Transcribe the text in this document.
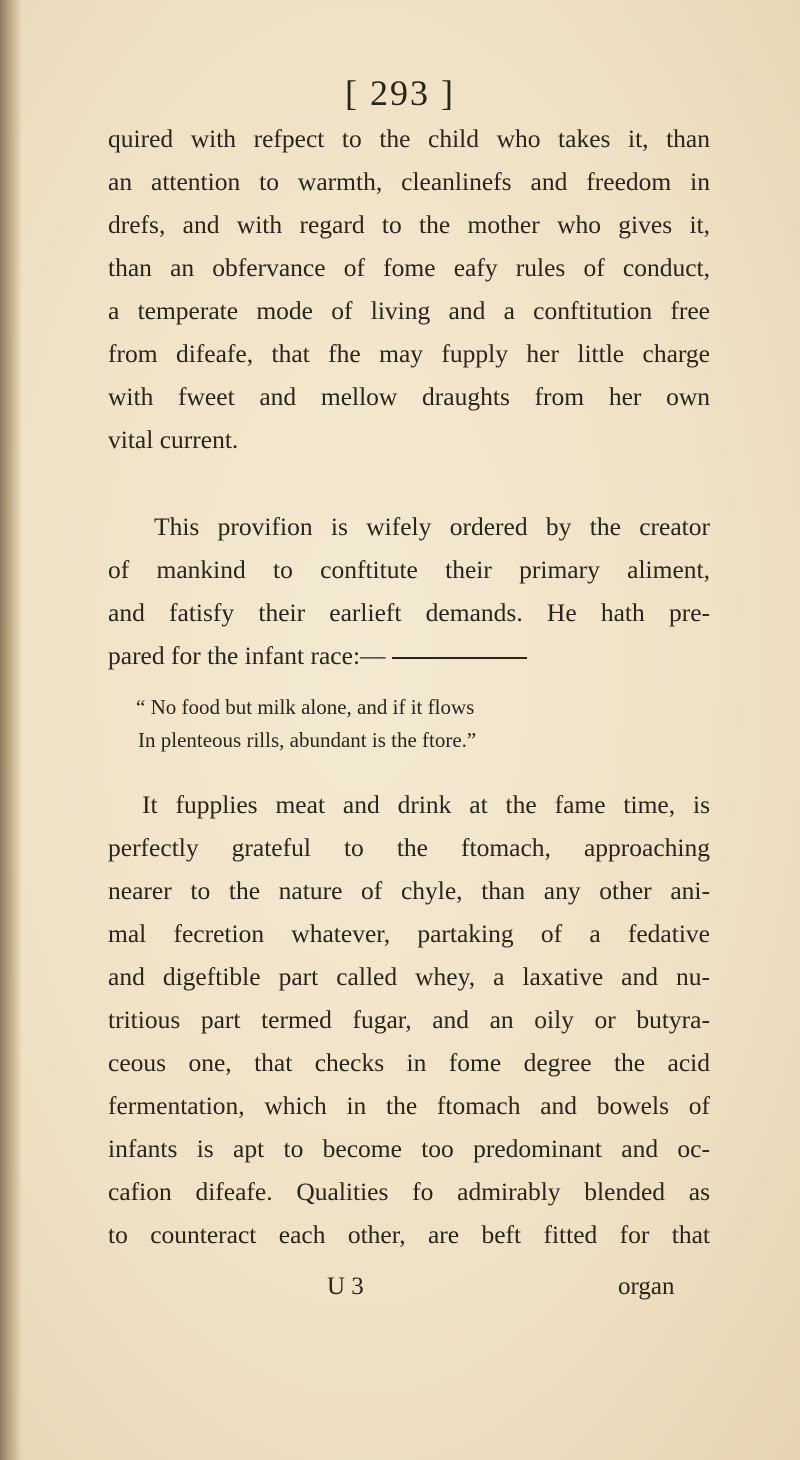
[ 293 ]
quired with refpect to the child who takes it, than
an attention to warmth, cleanlinefs and freedom in
drefs, and with regard to the mother who gives it,
than an obfervance of fome eafy rules of conduct,
a temperate mode of living and a conftitution free
from difeafe, that fhe may fupply her little charge
with fweet and mellow draughts from her own
vital current.
This provifion is wifely ordered by the creator
of mankind to conftitute their primary aliment,
and fatisfy their earlieft demands. He hath pre-
pared for the infant race:—
“ No food but milk alone, and if it flows
In plenteous rills, abundant is the ftore.”
It fupplies meat and drink at the fame time, is
perfectly grateful to the ftomach, approaching
nearer to the nature of chyle, than any other ani-
mal fecretion whatever, partaking of a fedative
and digeftible part called whey, a laxative and nu-
tritious part termed fugar, and an oily or butyra-
ceous one, that checks in fome degree the acid
fermentation, which in the ftomach and bowels of
infants is apt to become too predominant and oc-
cafion difeafe. Qualities fo admirably blended as
to counteract each other, are beft fitted for that
U 3	organ
